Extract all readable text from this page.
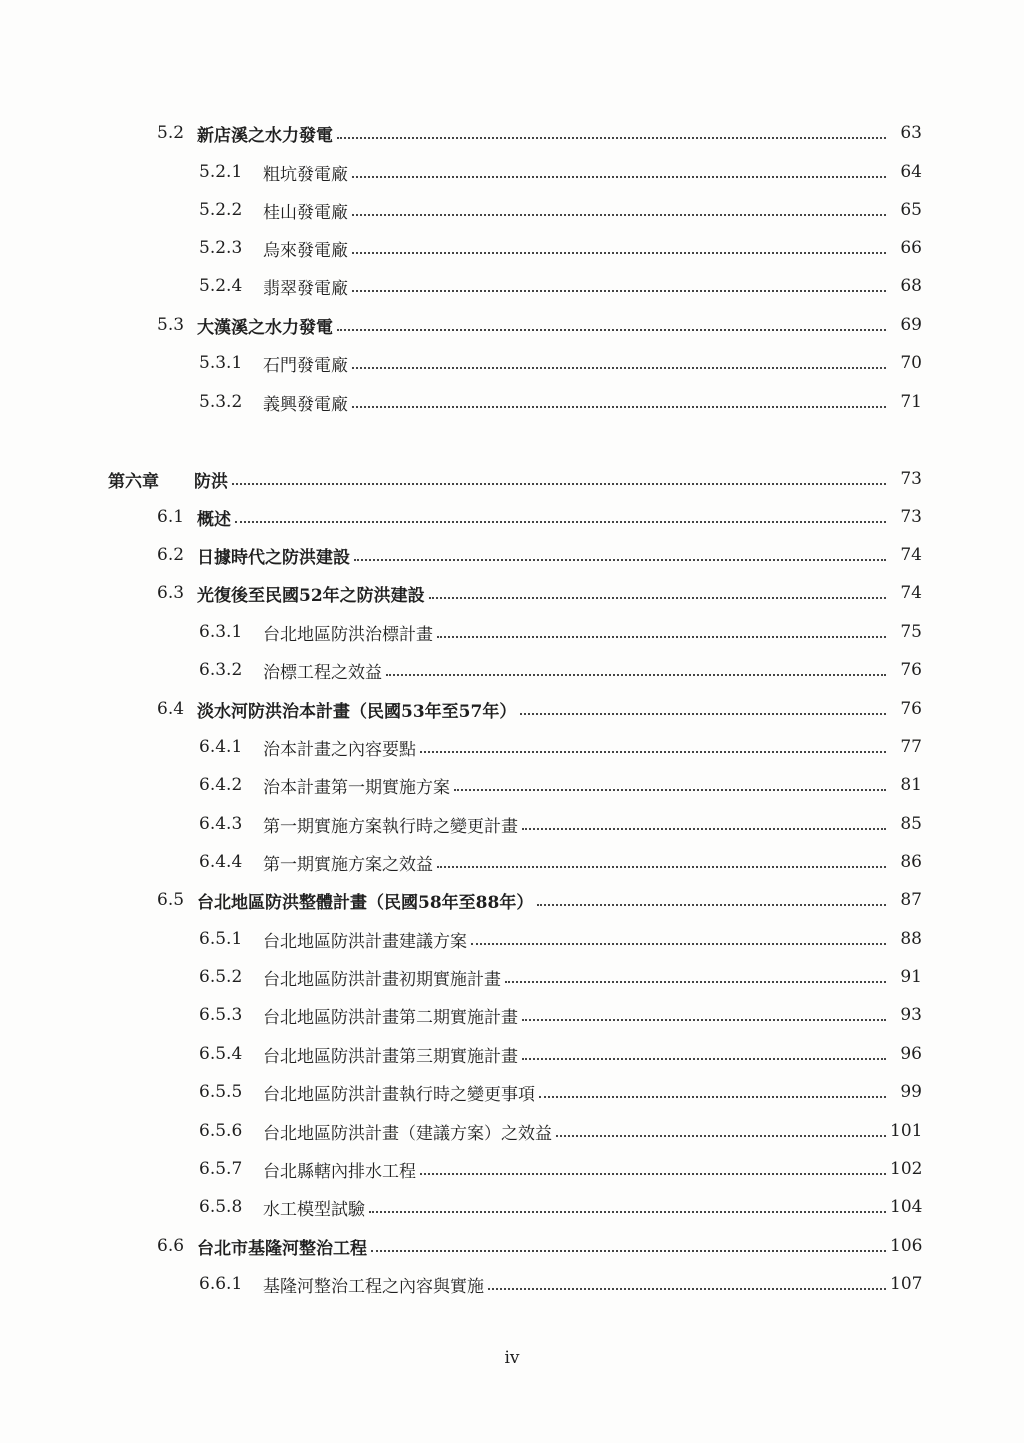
5.2 新店溪之水力發電	63
5.2.1	粗坑發電廠	64
5.2.2	桂山發電廠	65
5.2.3	烏來發電廠	66
5.2.4	翡翠發電廠	68
5.3 大漢溪之水力發電	69
5.3.1	石門發電廠	70
5.3.2	義興發電廠	71
第六章	防洪	73
6.1 概述	73
6.2 日據時代之防洪建設	74
6.3 光復後至民國52年之防洪建設	74
6.3.1	台北地區防洪治標計畫	75
6.3.2	治標工程之效益	76
6.4 淡水河防洪治本計畫（民國53年至57年）	76
6.4.1	治本計畫之內容要點	77
6.4.2	治本計畫第一期實施方案	81
6.4.3	第一期實施方案執行時之變更計畫	85
6.4.4	第一期實施方案之效益	86
6.5 台北地區防洪整體計畫（民國58年至88年）	87
6.5.1	台北地區防洪計畫建議方案	88
6.5.2	台北地區防洪計畫初期實施計畫	91
6.5.3	台北地區防洪計畫第二期實施計畫	93
6.5.4	台北地區防洪計畫第三期實施計畫	96
6.5.5	台北地區防洪計畫執行時之變更事項	99
6.5.6	台北地區防洪計畫（建議方案）之效益	101
6.5.7	台北縣轄內排水工程	102
6.5.8	水工模型試驗	104
6.6 台北市基隆河整治工程	106
6.6.1	基隆河整治工程之內容與實施	107
iv
